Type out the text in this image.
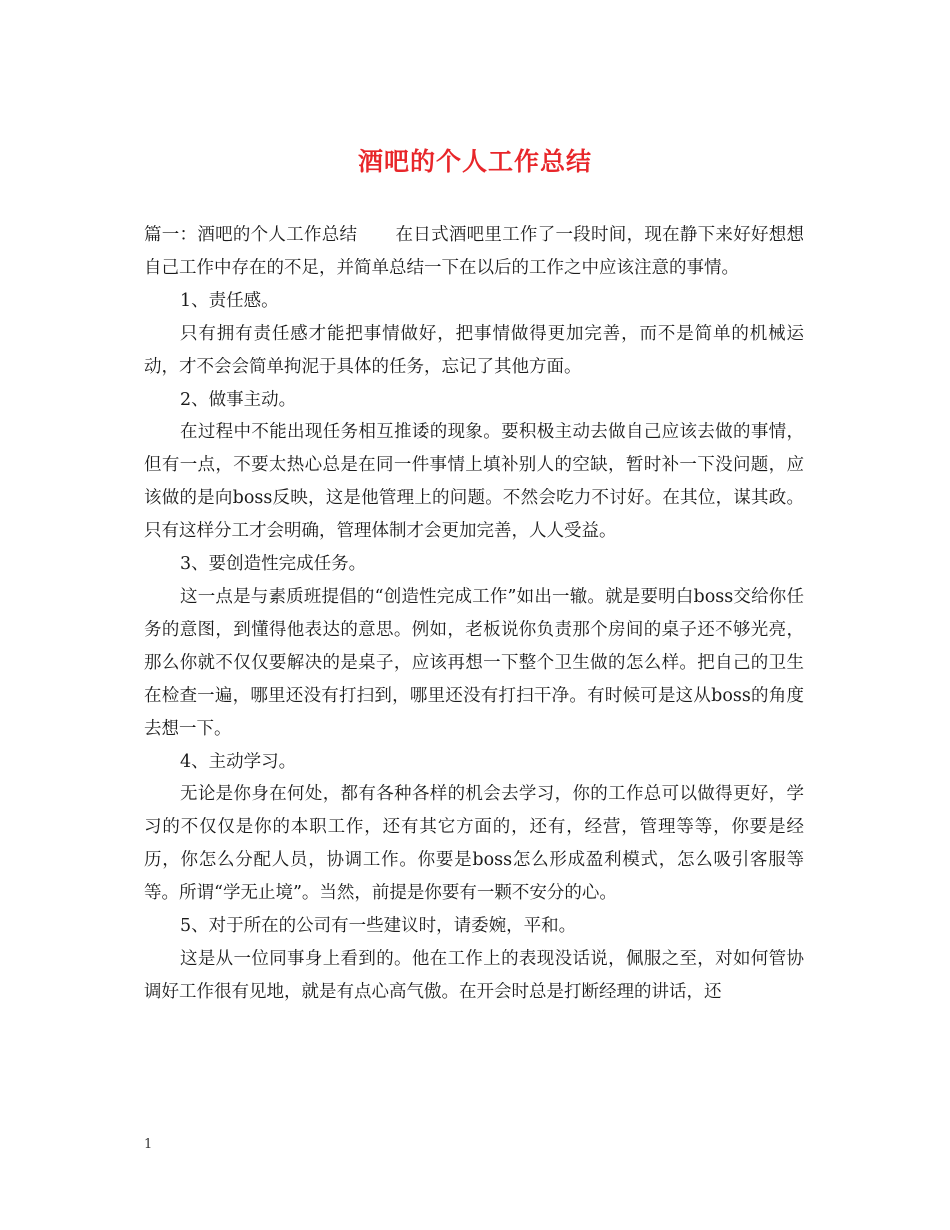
酒吧的个人工作总结

篇一：酒吧的个人工作总结 在日式酒吧里工作了一段时间，现在静下来好好想想自己工作中存在的不足，并简单总结一下在以后的工作之中应该注意的事情。

1、责任感。

只有拥有责任感才能把事情做好，把事情做得更加完善，而不是简单的机械运动，才不会会简单拘泥于具体的任务，忘记了其他方面。

2、做事主动。

在过程中不能出现任务相互推诿的现象。要积极主动去做自己应该去做的事情，但有一点，不要太热心总是在同一件事情上填补别人的空缺，暂时补一下没问题，应该做的是向boss反映，这是他管理上的问题。不然会吃力不讨好。在其位，谋其政。只有这样分工才会明确，管理体制才会更加完善，人人受益。

3、要创造性完成任务。

这一点是与素质班提倡的“创造性完成工作”如出一辙。就是要明白boss交给你任务的意图，到懂得他表达的意思。例如，老板说你负责那个房间的桌子还不够光亮，那么你就不仅仅要解决的是桌子，应该再想一下整个卫生做的怎么样。把自己的卫生在检查一遍，哪里还没有打扫到，哪里还没有打扫干净。有时候可是这从boss的角度去想一下。

4、主动学习。

无论是你身在何处，都有各种各样的机会去学习，你的工作总可以做得更好，学习的不仅仅是你的本职工作，还有其它方面的，还有，经营，管理等等，你要是经历，你怎么分配人员，协调工作。你要是boss怎么形成盈利模式，怎么吸引客服等等。所谓“学无止境”。当然，前提是你要有一颗不安分的心。

5、对于所在的公司有一些建议时，请委婉，平和。

这是从一位同事身上看到的。他在工作上的表现没话说，佩服之至，对如何管协调好工作很有见地，就是有点心高气傲。在开会时总是打断经理的讲话，还

1
